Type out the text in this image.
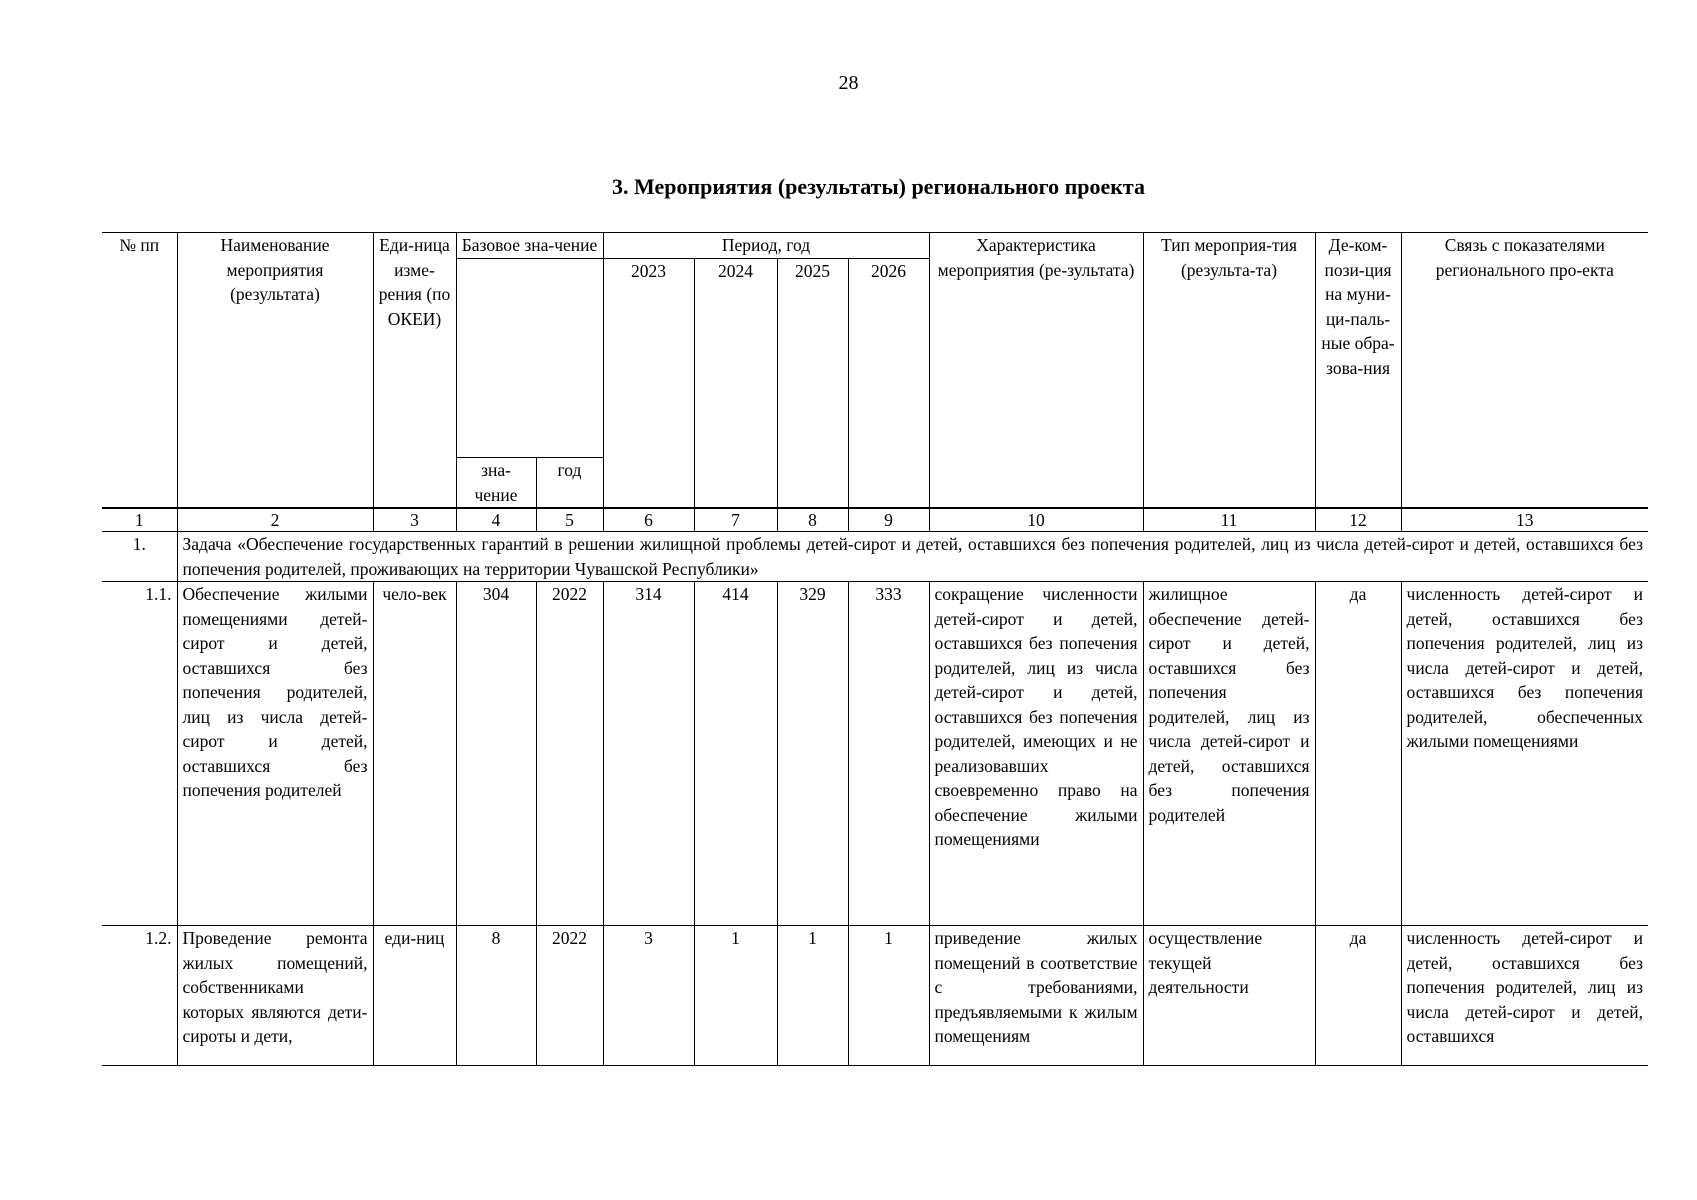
28
3. Мероприятия (результаты) регионального проекта
№ пп	Наименование мероприятия (результата)	Еди-ница изме-рения (по ОКЕИ)	Базовое зна-чение		Период, год				Характеристика мероприятия (ре-зультата)	Тип мероприя-тия (результа-та)	Де-ком-пози-ция на муни-ци-паль-ные обра-зова-ния	Связь с показателями регионального про-екта
					2023	2024	2025	2026				
			зна-чение	год								
1	2	3	4	5	6	7	8	9	10	11	12	13
1.	Задача «Обеспечение государственных гарантий в решении жилищной проблемы детей-сирот и детей, оставшихся без попечения родителей, лиц из числа детей-сирот и детей, оставшихся без попечения родителей, проживающих на территории Чувашской Республики»											
1.1.	Обеспечение жилыми помещениями детей-сирот и детей, оставшихся без попечения родителей, лиц из числа детей-сирот и детей, оставшихся без попечения родителей	чело-век	304	2022	314	414	329	333	сокращение численности детей-сирот и детей, оставшихся без попечения родителей, лиц из числа детей-сирот и детей, оставшихся без попечения родителей, имеющих и не реализовавших своевременно право на обеспечение жилыми помещениями	жилищное обеспечение детей-сирот и детей, оставшихся без попечения родителей, лиц из числа детей-сирот и детей, оставшихся без попечения родителей	да	численность детей-сирот и детей, оставшихся без попечения родителей, лиц из числа детей-сирот и детей, оставшихся без попечения родителей, обеспеченных жилыми помещениями
1.2.	Проведение ремонта жилых помещений, собственниками которых являются дети-сироты и дети,	еди-ниц	8	2022	3	1	1	1	приведение жилых помещений в соответствие с требованиями, предъявляемыми к жилым помещениям	осуществление текущей деятельности	да	численность детей-сирот и детей, оставшихся без попечения родителей, лиц из числа детей-сирот и детей, оставшихся
